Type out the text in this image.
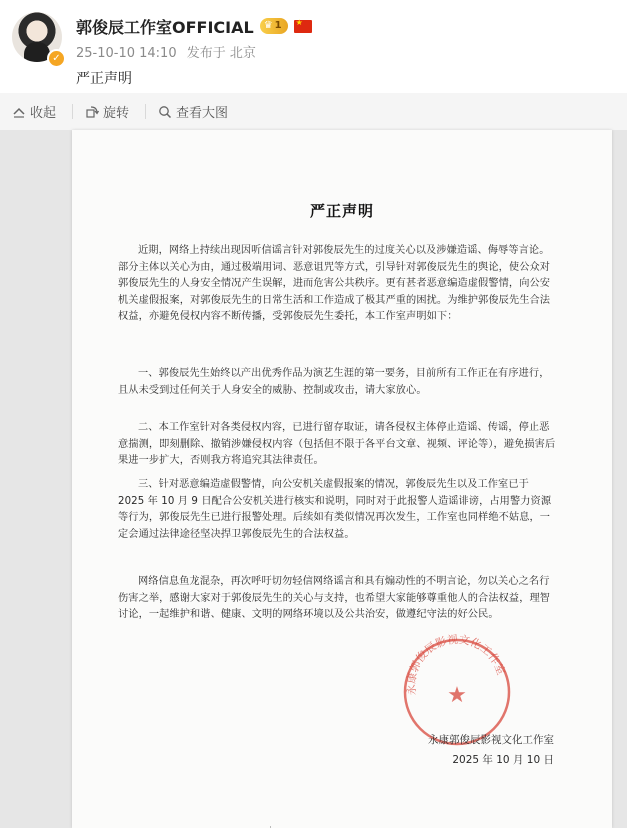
✓
郭俊辰工作室OFFICIAL ♛ 1
★
25-10-10 14:10 发布于 北京
严正声明
收起	旋转	查看大图
严正声明

近期，网络上持续出现因听信谣言针对郭俊辰先生的过度关心以及涉嫌造谣、侮辱等言论。部分主体以关心为由，通过极端用词、恶意诅咒等方式，引导针对郭俊辰先生的舆论，使公众对郭俊辰先生的人身安全情况产生误解，进而危害公共秩序。更有甚者恶意编造虚假警情，向公安机关虚假报案，对郭俊辰先生的日常生活和工作造成了极其严重的困扰。为维护郭俊辰先生合法权益，亦避免侵权内容不断传播，受郭俊辰先生委托，本工作室声明如下：

一、郭俊辰先生始终以产出优秀作品为演艺生涯的第一要务，目前所有工作正在有序进行，且从未受到过任何关于人身安全的威胁、控制或攻击，请大家放心。

二、本工作室针对各类侵权内容，已进行留存取证，请各侵权主体停止造谣、传谣，停止恶意揣测，即刻删除、撤销涉嫌侵权内容（包括但不限于各平台文章、视频、评论等），避免损害后果进一步扩大，否则我方将追究其法律责任。

三、针对恶意编造虚假警情，向公安机关虚假报案的情况，郭俊辰先生以及工作室已于 2025 年 10 月 9 日配合公安机关进行核实和说明，同时对于此报警人造谣诽谤，占用警力资源等行为，郭俊辰先生已进行报警处理。后续如有类似情况再次发生，工作室也同样绝不姑息，一定会通过法律途径坚决捍卫郭俊辰先生的合法权益。

网络信息鱼龙混杂，再次呼吁切勿轻信网络谣言和具有煽动性的不明言论，勿以关心之名行伤害之举，感谢大家对于郭俊辰先生的关心与支持，也希望大家能够尊重他人的合法权益，理智讨论，一起维护和谐、健康、文明的网络环境以及公共治安，做遵纪守法的好公民。

永康郭俊辰影视文化工作室
★
永康郭俊辰影视文化工作室
2025 年 10 月 10 日
